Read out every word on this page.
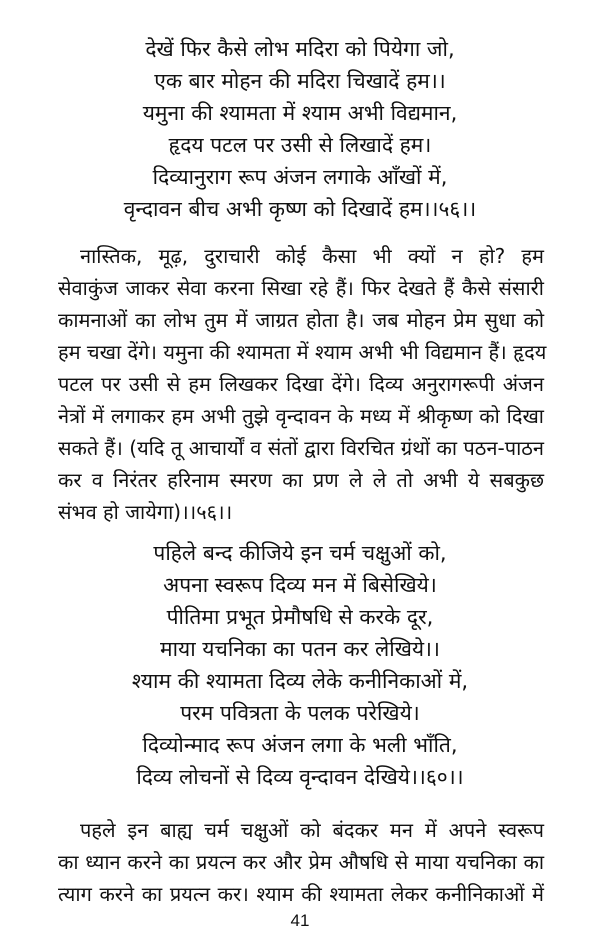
देखें फिर कैसे लोभ मदिरा को पियेगा जो,
एक बार मोहन की मदिरा चिखादें हम।।
यमुना की श्यामता में श्याम अभी विद्यमान,
हृदय पटल पर उसी से लिखादें हम।
दिव्यानुराग रूप अंजन लगाके आँखों में,
वृन्दावन बीच अभी कृष्ण को दिखादें हम।।५६।।
नास्तिक, मूढ़, दुराचारी कोई कैसा भी क्यों न हो? हम
सेवाकुंज जाकर सेवा करना सिखा रहे हैं। फिर देखते हैं कैसे संसारी
कामनाओं का लोभ तुम में जाग्रत होता है। जब मोहन प्रेम सुधा को
हम चखा देंगे। यमुना की श्यामता में श्याम अभी भी विद्यमान हैं। हृदय
पटल पर उसी से हम लिखकर दिखा देंगे। दिव्य अनुरागरूपी अंजन
नेत्रों में लगाकर हम अभी तुझे वृन्दावन के मध्य में श्रीकृष्ण को दिखा
सकते हैं। (यदि तू आचार्यों व संतों द्वारा विरचित ग्रंथों का पठन-पाठन
कर व निरंतर हरिनाम स्मरण का प्रण ले ले तो अभी ये सबकुछ
संभव हो जायेगा)।।५६।।
पहिले बन्द कीजिये इन चर्म चक्षुओं को,
अपना स्वरूप दिव्य मन में बिसेखिये।
पीतिमा प्रभूत प्रेमौषधि से करके दूर,
माया यचनिका का पतन कर लेखिये।।
श्याम की श्यामता दिव्य लेके कनीनिकाओं में,
परम पवित्रता के पलक परेखिये।
दिव्योन्माद रूप अंजन लगा के भली भाँति,
दिव्य लोचनों से दिव्य वृन्दावन देखिये।।६०।।
पहले इन बाह्य चर्म चक्षुओं को बंदकर मन में अपने स्वरूप
का ध्यान करने का प्रयत्न कर और प्रेम औषधि से माया यचनिका का
त्याग करने का प्रयत्न कर। श्याम की श्यामता लेकर कनीनिकाओं में
41
